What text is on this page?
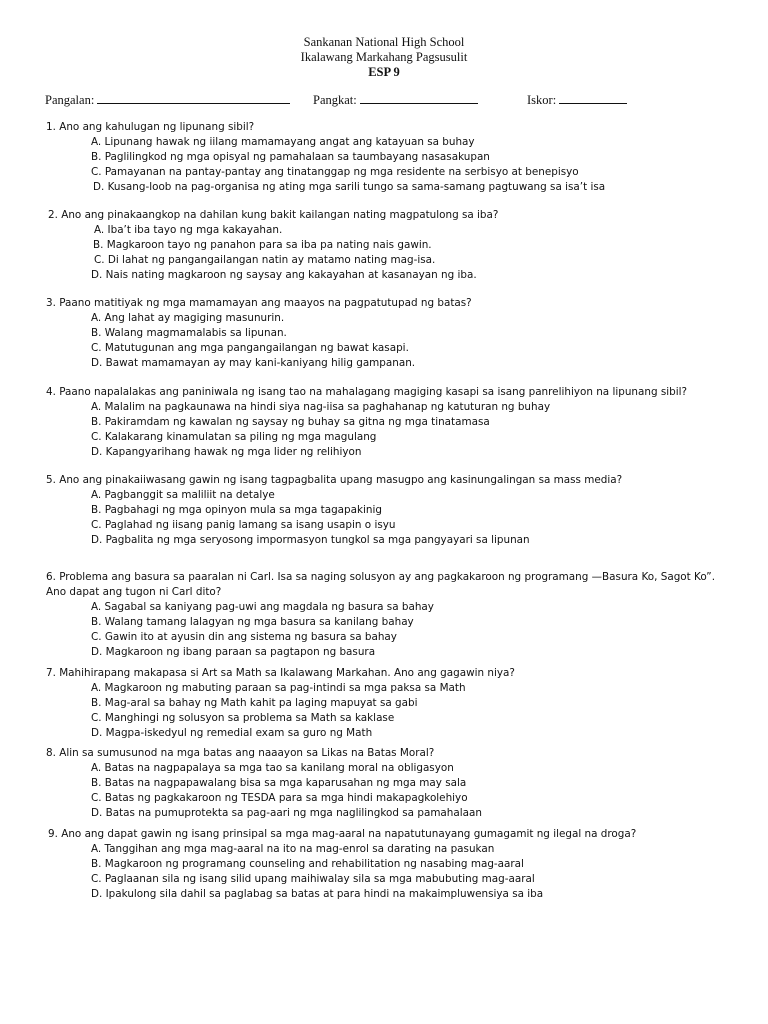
Sankanan National High School
Ikalawang Markahang Pagsusulit
ESP 9
Pangalan:	Pangkat:	Iskor:
1. Ano ang kahulugan ng lipunang sibil?
A. Lipunang hawak ng iilang mamamayang angat ang katayuan sa buhay
B. Paglilingkod ng mga opisyal ng pamahalaan sa taumbayang nasasakupan
C. Pamayanan na pantay-pantay ang tinatanggap ng mga residente na serbisyo at benepisyo
D. Kusang-loob na pag-organisa ng ating mga sarili tungo sa sama-samang pagtuwang sa isa’t isa
2. Ano ang pinakaangkop na dahilan kung bakit kailangan nating magpatulong sa iba?
A. Iba’t iba tayo ng mga kakayahan.
B. Magkaroon tayo ng panahon para sa iba pa nating nais gawin.
C. Di lahat ng pangangailangan natin ay matamo nating mag-isa.
D. Nais nating magkaroon ng saysay ang kakayahan at kasanayan ng iba.
3. Paano matitiyak ng mga mamamayan ang maayos na pagpatutupad ng batas?
A. Ang lahat ay magiging masunurin.
B. Walang magmamalabis sa lipunan.
C. Matutugunan ang mga pangangailangan ng bawat kasapi.
D. Bawat mamamayan ay may kani-kaniyang hilig gampanan.
4. Paano napalalakas ang paniniwala ng isang tao na mahalagang magiging kasapi sa isang panrelihiyon na lipunang sibil?
A. Malalim na pagkaunawa na hindi siya nag-iisa sa paghahanap ng katuturan ng buhay
B. Pakiramdam ng kawalan ng saysay ng buhay sa gitna ng mga tinatamasa
C. Kalakarang kinamulatan sa piling ng mga magulang
D. Kapangyarihang hawak ng mga lider ng relihiyon
5. Ano ang pinakaiiwasang gawin ng isang tagpagbalita upang masugpo ang kasinungalingan sa mass media?
A. Pagbanggit sa maliliit na detalye
B. Pagbahagi ng mga opinyon mula sa mga tagapakinig
C. Paglahad ng iisang panig lamang sa isang usapin o isyu
D. Pagbalita ng mga seryosong impormasyon tungkol sa mga pangyayari sa lipunan
6. Problema ang basura sa paaralan ni Carl. Isa sa naging solusyon ay ang pagkakaroon ng programang —Basura Ko, Sagot Ko”. Ano dapat ang tugon ni Carl dito?
A. Sagabal sa kaniyang pag-uwi ang magdala ng basura sa bahay
B. Walang tamang lalagyan ng mga basura sa kanilang bahay
C. Gawin ito at ayusin din ang sistema ng basura sa bahay
D. Magkaroon ng ibang paraan sa pagtapon ng basura
7. Mahihirapang makapasa si Art sa Math sa Ikalawang Markahan. Ano ang gagawin niya?
A. Magkaroon ng mabuting paraan sa pag-intindi sa mga paksa sa Math
B. Mag-aral sa bahay ng Math kahit pa laging mapuyat sa gabi
C. Manghingi ng solusyon sa problema sa Math sa kaklase
D. Magpa-iskedyul ng remedial exam sa guro ng Math
8. Alin sa sumusunod na mga batas ang naaayon sa Likas na Batas Moral?
A. Batas na nagpapalaya sa mga tao sa kanilang moral na obligasyon
B. Batas na nagpapawalang bisa sa mga kaparusahan ng mga may sala
C. Batas ng pagkakaroon ng TESDA para sa mga hindi makapagkolehiyo
D. Batas na pumuprotekta sa pag-aari ng mga naglilingkod sa pamahalaan
9. Ano ang dapat gawin ng isang prinsipal sa mga mag-aaral na napatutunayang gumagamit ng ilegal na droga?
A. Tanggihan ang mga mag-aaral na ito na mag-enrol sa darating na pasukan
B. Magkaroon ng programang counseling and rehabilitation ng nasabing mag-aaral
C. Paglaanan sila ng isang silid upang maihiwalay sila sa mga mabubuting mag-aaral
D. Ipakulong sila dahil sa paglabag sa batas at para hindi na makaimpluwensiya sa iba
